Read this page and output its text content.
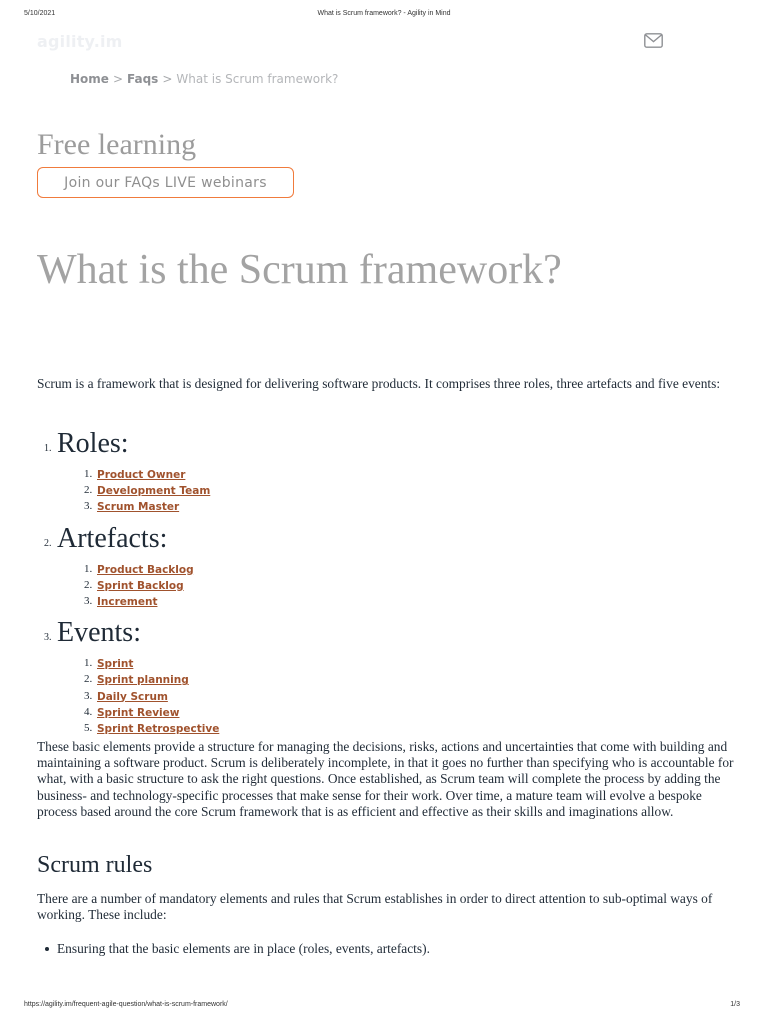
5/10/2021	What is Scrum framework? - Agility in Mind
agility.im
Home > Faqs > What is Scrum framework?
Free learning
Join our FAQs LIVE webinars
What is the Scrum framework?

Scrum is a framework that is designed for delivering software products. It comprises three roles, three artefacts and five events:

1. Roles:
1. Product Owner
2. Development Team
3. Scrum Master
2. Artefacts:
1. Product Backlog
2. Sprint Backlog
3. Increment
3. Events:
1. Sprint
2. Sprint planning
3. Daily Scrum
4. Sprint Review
5. Sprint Retrospective

These basic elements provide a structure for managing the decisions, risks, actions and uncertainties that come with building and maintaining a software product. Scrum is deliberately incomplete, in that it goes no further than specifying who is accountable for what, with a basic structure to ask the right questions. Once established, as Scrum team will complete the process by adding the business- and technology-specific processes that make sense for their work. Over time, a mature team will evolve a bespoke process based around the core Scrum framework that is as efficient and effective as their skills and imaginations allow.

Scrum rules

There are a number of mandatory elements and rules that Scrum establishes in order to direct attention to sub-optimal ways of working. These include:

Ensuring that the basic elements are in place (roles, events, artefacts).
https://agility.im/frequent-agile-question/what-is-scrum-framework/	1/3
